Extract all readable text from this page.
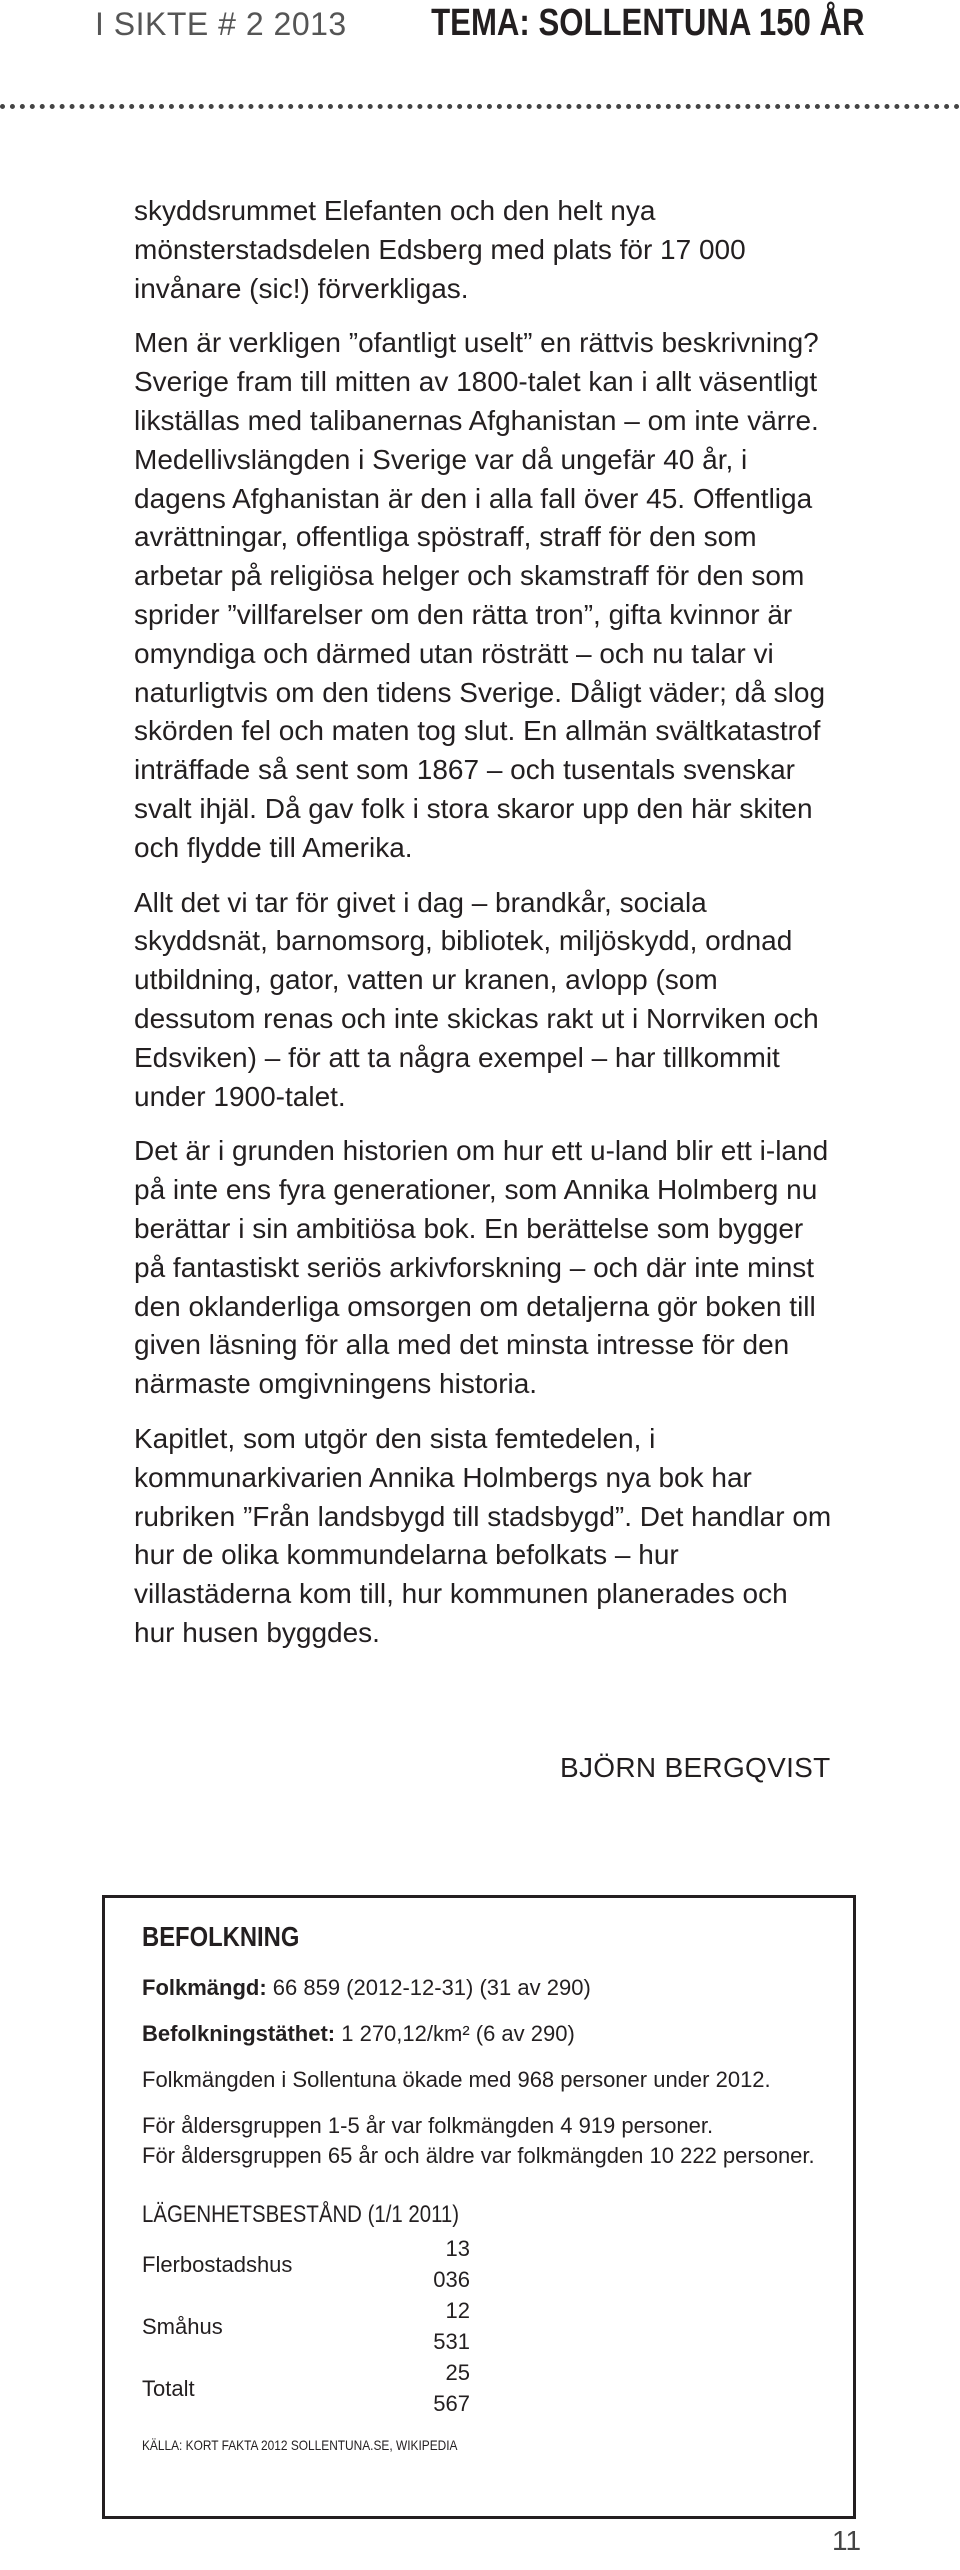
I SIKTE # 2 2013 TEMA: SOLLENTUNA 150 ÅR

skyddsrummet Elefanten och den helt nya mönsterstadsdelen Edsberg med plats för 17 000 invånare (sic!) förverkligas.

Men är verkligen ”ofantligt uselt” en rättvis beskrivning? Sverige fram till mitten av 1800-talet kan i allt väsentligt likställas med talibanernas Afghanistan – om inte värre. Medellivslängden i Sverige var då ungefär 40 år, i dagens Afghanistan är den i alla fall över 45. Offentliga avrättningar, offentliga spöstraff, straff för den som arbetar på religiösa helger och skamstraff för den som sprider ”villfarelser om den rätta tron”, gifta kvinnor är omyndiga och därmed utan rösträtt – och nu talar vi naturligtvis om den tidens Sverige. Dåligt väder; då slog skörden fel och maten tog slut. En allmän svältkatastrof inträffade så sent som 1867 – och tusentals svenskar svalt ihjäl. Då gav folk i stora skaror upp den här skiten och flydde till Amerika.

Allt det vi tar för givet i dag – brandkår, sociala skyddsnät, barnomsorg, bibliotek, miljöskydd, ordnad utbildning, gator, vatten ur kranen, avlopp (som dessutom renas och inte skickas rakt ut i Norrviken och Edsviken) – för att ta några exempel – har tillkommit under 1900-talet.

Det är i grunden historien om hur ett u-land blir ett i-land på inte ens fyra generationer, som Annika Holmberg nu berättar i sin ambitiösa bok. En berättelse som bygger på fantastiskt seriös arkivforskning – och där inte minst den oklanderliga omsorgen om detaljerna gör boken till given läsning för alla med det minsta intresse för den närmaste omgivningens historia.

Kapitlet, som utgör den sista femtedelen, i kommunarkivarien Annika Holmbergs nya bok har rubriken ”Från landsbygd till stadsbygd”. Det handlar om hur de olika kommundelarna befolkats – hur villastäderna kom till, hur kommunen planerades och hur husen byggdes.

BJÖRN BERGQVIST
BEFOLKNING
Folkmängd: 66 859 (2012-12-31) (31 av 290)
Befolkningstäthet: 1 270,12/km² (6 av 290)
Folkmängden i Sollentuna ökade med 968 personer under 2012.
För åldersgruppen 1-5 år var folkmängden 4 919 personer.
För åldersgruppen 65 år och äldre var folkmängden 10 222 personer.
LÄGENHETSBESTÅND (1/1 2011)
Flerbostadshus	13 036
Småhus	12 531
Totalt	25 567
KÄLLA: KORT FAKTA 2012 SOLLENTUNA.SE, WIKIPEDIA
11
